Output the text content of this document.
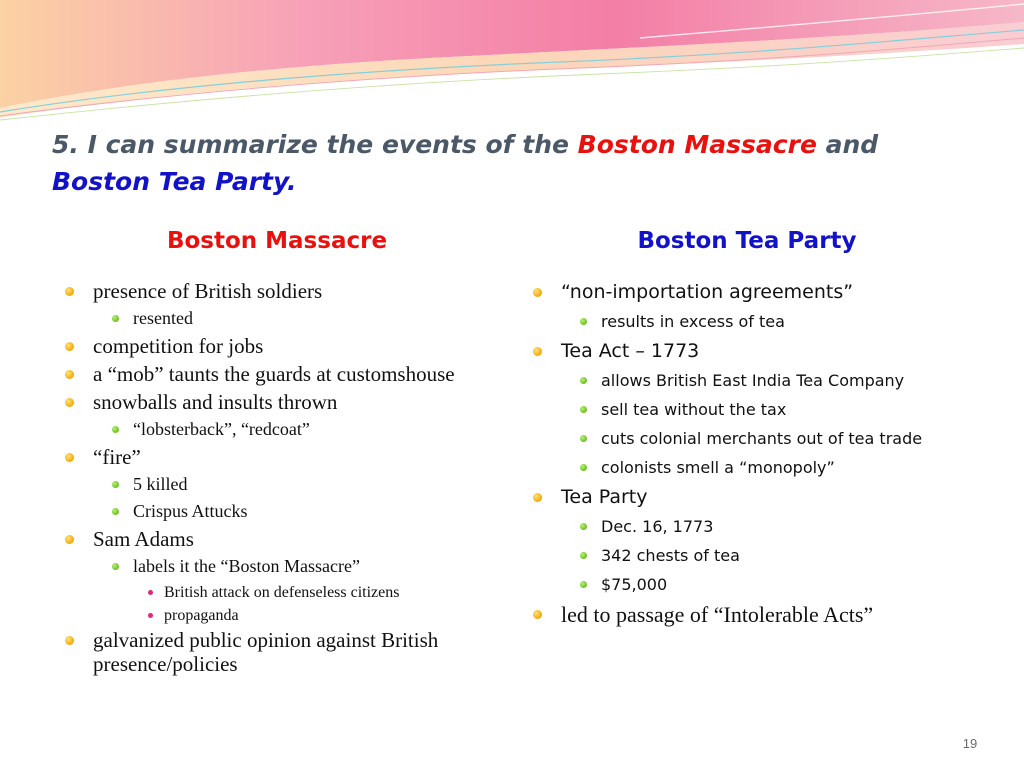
5. I can summarize the events of the Boston Massacre and
Boston Tea Party.
Boston Massacre	Boston Tea Party
presence of British soldiers
resented
competition for jobs
a “mob” taunts the guards at customshouse
snowballs and insults thrown
“lobsterback”, “redcoat”
“fire”
5 killed
Crispus Attucks
Sam Adams
labels it the “Boston Massacre”
British attack on defenseless citizens
propaganda
galvanized public opinion against British presence/policies
“non-importation agreements”
results in excess of tea
Tea Act – 1773
allows British East India Tea Company
sell tea without the tax
cuts colonial merchants out of tea trade
colonists smell a “monopoly”
Tea Party
Dec. 16, 1773
342 chests of tea
$75,000
led to passage of “Intolerable Acts”
19
